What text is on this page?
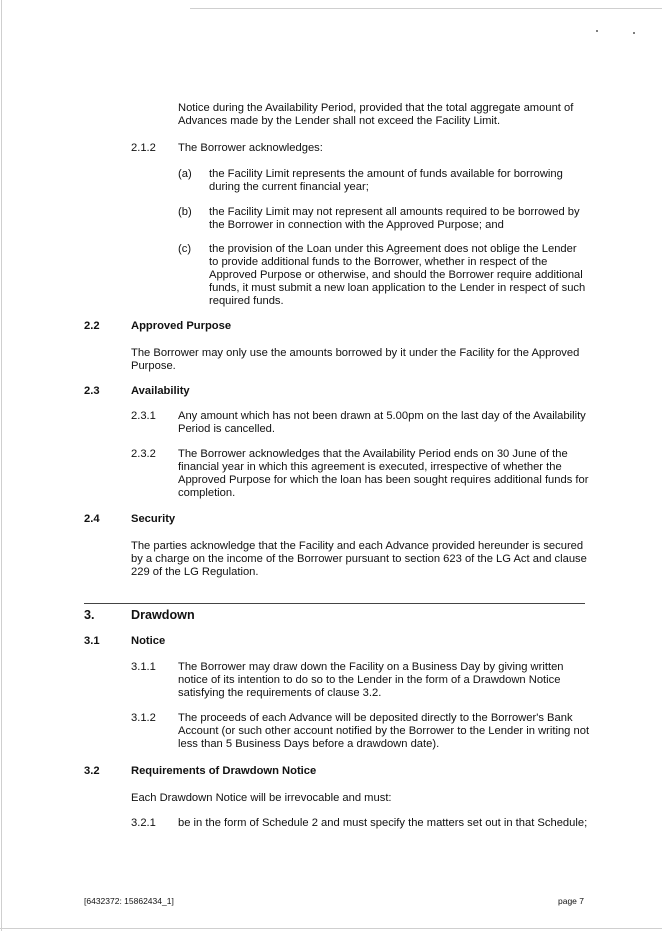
Notice during the Availability Period, provided that the total aggregate amount of
Advances made by the Lender shall not exceed the Facility Limit.
2.1.2 The Borrower acknowledges:
(a) the Facility Limit represents the amount of funds available for borrowing
during the current financial year;
(b) the Facility Limit may not represent all amounts required to be borrowed by
the Borrower in connection with the Approved Purpose; and
(c) the provision of the Loan under this Agreement does not oblige the Lender
to provide additional funds to the Borrower, whether in respect of the
Approved Purpose or otherwise, and should the Borrower require additional
funds, it must submit a new loan application to the Lender in respect of such
required funds.
2.2	Approved Purpose
The Borrower may only use the amounts borrowed by it under the Facility for the Approved
Purpose.
2.3	Availability
2.3.1 Any amount which has not been drawn at 5.00pm on the last day of the Availability
Period is cancelled.
2.3.2 The Borrower acknowledges that the Availability Period ends on 30 June of the
financial year in which this agreement is executed, irrespective of whether the
Approved Purpose for which the loan has been sought requires additional funds for
completion.
2.4	Security
The parties acknowledge that the Facility and each Advance provided hereunder is secured
by a charge on the income of the Borrower pursuant to section 623 of the LG Act and clause
229 of the LG Regulation.
3.	Drawdown
3.1	Notice
3.1.1 The Borrower may draw down the Facility on a Business Day by giving written
notice of its intention to do so to the Lender in the form of a Drawdown Notice
satisfying the requirements of clause 3.2.
3.1.2 The proceeds of each Advance will be deposited directly to the Borrower's Bank
Account (or such other account notified by the Borrower to the Lender in writing not
less than 5 Business Days before a drawdown date).
3.2	Requirements of Drawdown Notice
Each Drawdown Notice will be irrevocable and must:
3.2.1 be in the form of Schedule 2 and must specify the matters set out in that Schedule;
[6432372: 15862434_1]	page 7
